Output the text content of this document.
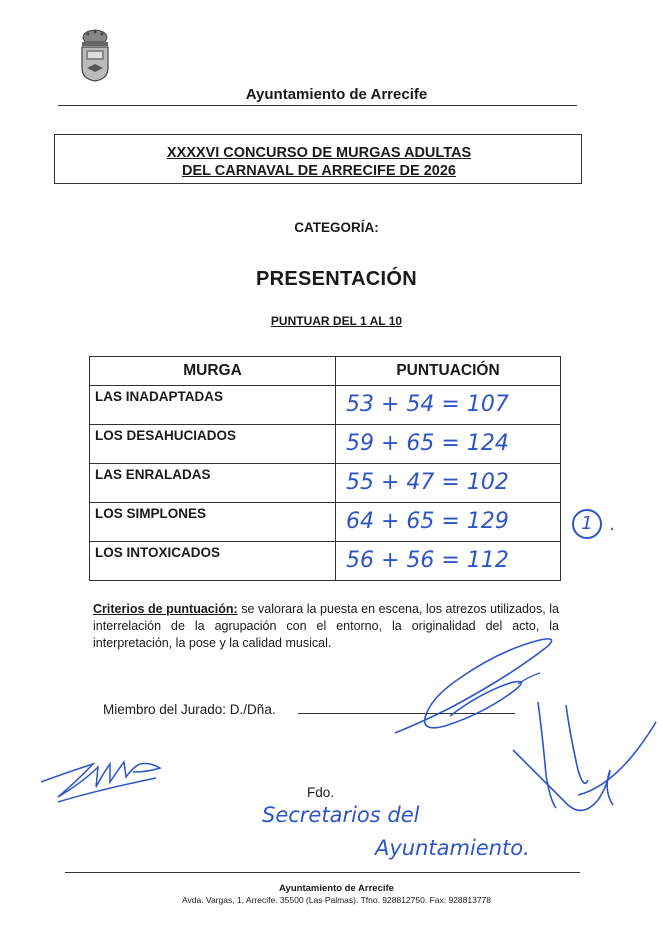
Ayuntamiento de Arrecife
XXXXVI CONCURSO DE MURGAS ADULTAS
DEL CARNAVAL DE ARRECIFE DE 2026
CATEGORÍA:
PRESENTACIÓN
PUNTUAR DEL 1 AL 10
MURGA	PUNTUACIÓN
LAS INADAPTADAS	53 + 54 = 107

LOS DESAHUCIADOS	59 + 65 = 124

LAS ENRALADAS	55 + 47 = 102

LOS SIMPLONES	64 + 65 = 129

LOS INTOXICADOS	56 + 56 = 112
1 .
Criterios de puntuación: se valorara la puesta en escena, los atrezos utilizados, la interrelación de la agrupación con el entorno, la originalidad del acto, la interpretación, la pose y la calidad musical.
Miembro del Jurado: D./Dña.
Fdo.
Secretarios del
Ayuntamiento.
Ayuntamiento de Arrecife
Avda. Vargas, 1, Arrecife. 35500 (Las Palmas). Tfno. 928812750. Fax: 928813778
